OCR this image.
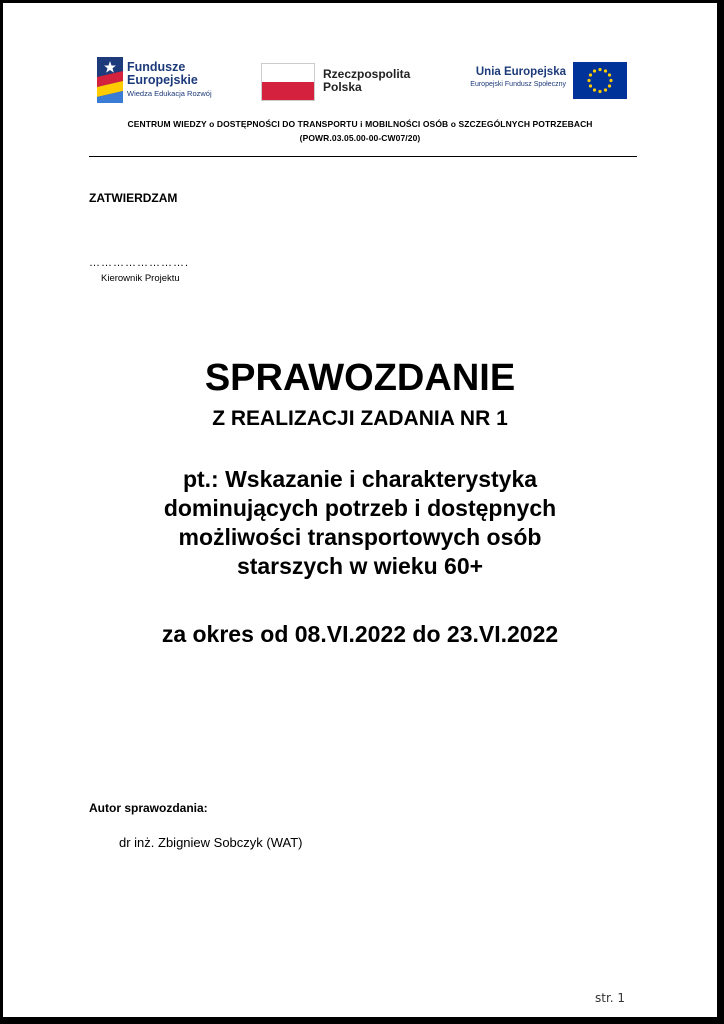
Fundusze
Europejskie
Wiedza Edukacja Rozwój
Rzeczpospolita
Polska
Unia Europejska
Europejski Fundusz Społeczny
CENTRUM WIEDZY o DOSTĘPNOŚCI DO TRANSPORTU i MOBILNOŚCI OSÓB o SZCZEGÓLNYCH POTRZEBACH
(POWR.03.05.00-00-CW07/20)
ZATWIERDZAM
…………………….
Kierownik Projektu
SPRAWOZDANIE
Z REALIZACJI ZADANIA NR 1
pt.: Wskazanie i charakterystyka
dominujących potrzeb i dostępnych
możliwości transportowych osób
starszych w wieku 60+
za okres od 08.VI.2022 do 23.VI.2022
Autor sprawozdania:
dr inż. Zbigniew Sobczyk (WAT)
str. 1
